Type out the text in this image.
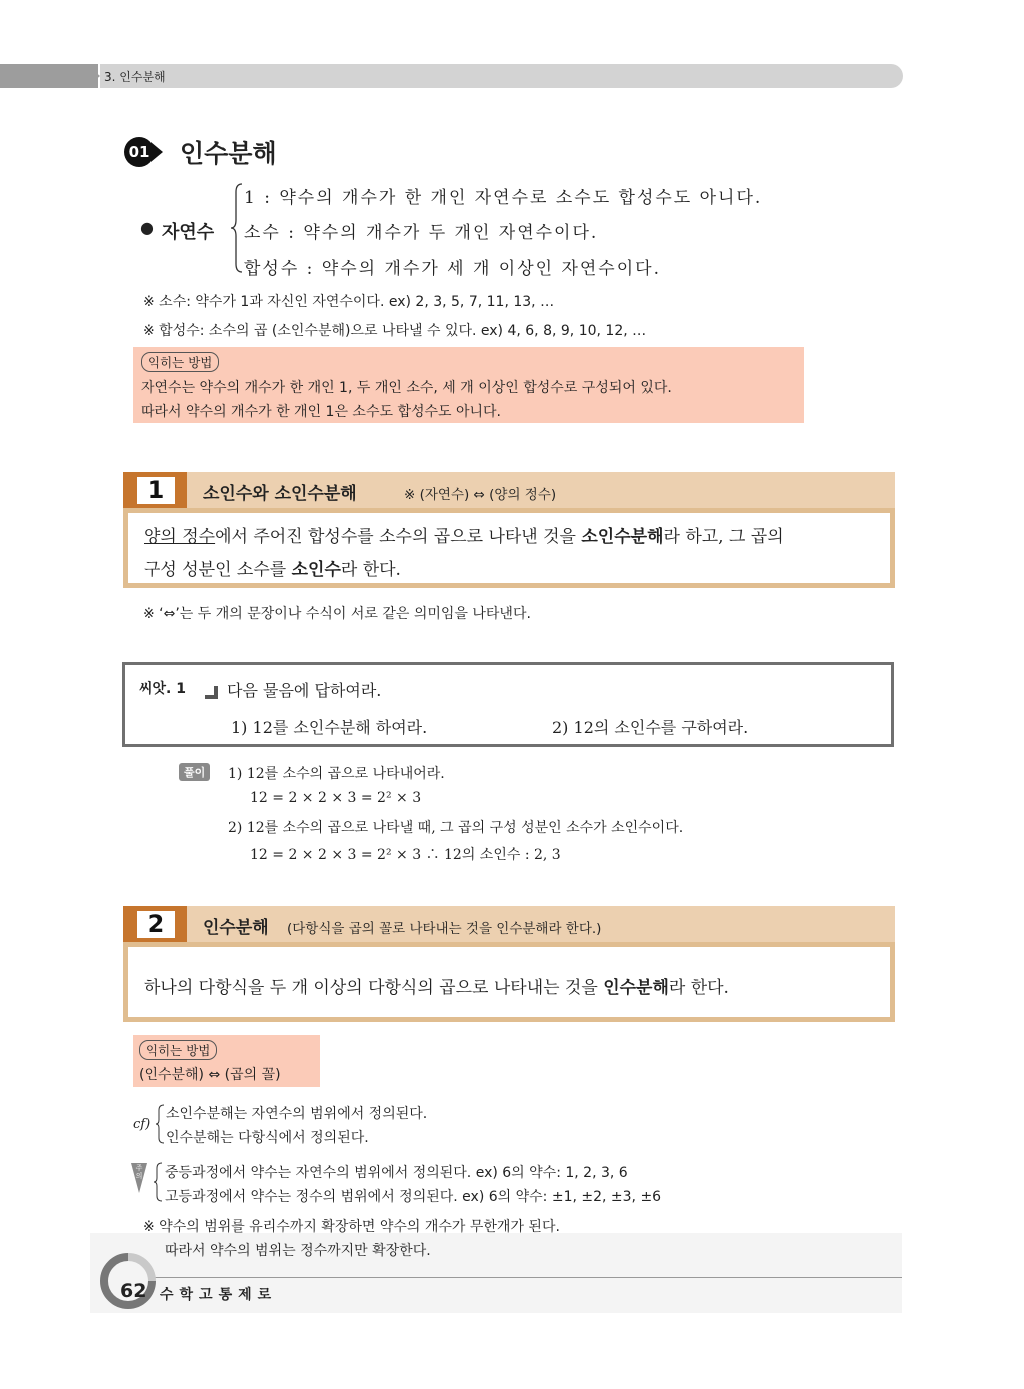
3. 인수분해
01 인수분해
● 자연수
1 : 약수의 개수가 한 개인 자연수로 소수도 합성수도 아니다.
소수 : 약수의 개수가 두 개인 자연수이다.
합성수 : 약수의 개수가 세 개 이상인 자연수이다.
※ 소수: 약수가 1과 자신인 자연수이다. ex) 2, 3, 5, 7, 11, 13, …
※ 합성수: 소수의 곱 (소인수분해)으로 나타낼 수 있다. ex) 4, 6, 8, 9, 10, 12, …
익히는 방법
자연수는 약수의 개수가 한 개인 1, 두 개인 소수, 세 개 이상인 합성수로 구성되어 있다.
따라서 약수의 개수가 한 개인 1은 소수도 합성수도 아니다.
1	소인수와 소인수분해	※ (자연수) ⇔ (양의 정수)
양의 정수에서 주어진 합성수를 소수의 곱으로 나타낸 것을 소인수분해라 하고, 그 곱의
구성 성분인 소수를 소인수라 한다.
※ ‘⇔’는 두 개의 문장이나 수식이 서로 같은 의미임을 나타낸다.
씨앗. 1	다음 물음에 답하여라.
1) 12를 소인수분해 하여라.	2) 12의 소인수를 구하여라.
풀이	1) 12를 소수의 곱으로 나타내어라.
12 = 2 × 2 × 3 = 2² × 3
2) 12를 소수의 곱으로 나타낼 때, 그 곱의 구성 성분인 소수가 소인수이다.
12 = 2 × 2 × 3 = 2² × 3 ∴ 12의 소인수 : 2, 3
2	인수분해 (다항식을 곱의 꼴로 나타내는 것을 인수분해라 한다.)
하나의 다항식을 두 개 이상의 다항식의 곱으로 나타내는 것을 인수분해라 한다.
익히는 방법
(인수분해) ⇔ (곱의 꼴)
cf)
소인수분해는 자연수의 범위에서 정의된다.
인수분해는 다항식에서 정의된다.
주의 중등과정에서 약수는 자연수의 범위에서 정의된다. ex) 6의 약수: 1, 2, 3, 6
고등과정에서 약수는 정수의 범위에서 정의된다. ex) 6의 약수: ±1, ±2, ±3, ±6
※ 약수의 범위를 유리수까지 확장하면 약수의 개수가 무한개가 된다.
따라서 약수의 범위는 정수까지만 확장한다.
62 수학고통제로
